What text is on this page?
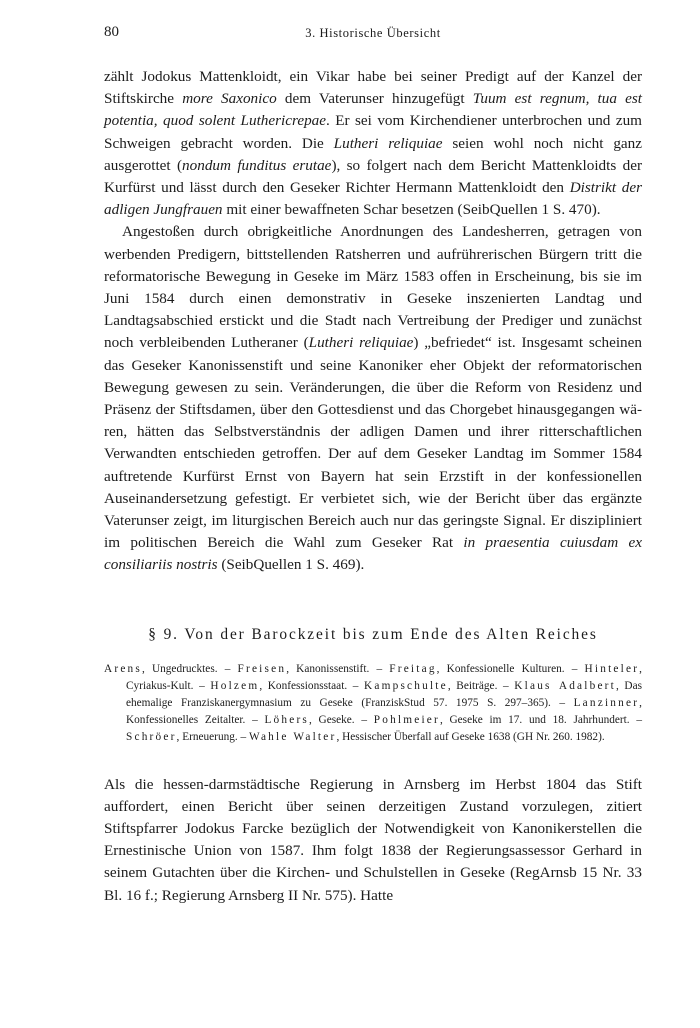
80	3. Historische Übersicht

zählt Jodokus Mattenkloidt, ein Vikar habe bei seiner Predigt auf der Kanzel der Stiftskirche more Saxonico dem Vaterunser hinzugefügt Tuum est regnum, tua est potentia, quod solent Luthericrepae. Er sei vom Kirchendiener unterbrochen und zum Schweigen gebracht worden. Die Lutheri reliquiae seien wohl noch nicht ganz ausgerottet (nondum funditus erutae), so folgert nach dem Bericht Mattenkloidts der Kurfürst und lässt durch den Geseker Richter Hermann Mattenkloidt den Distrikt der adligen Jungfrauen mit einer bewaffneten Schar besetzen (SeibQuellen 1 S. 470).

Angestoßen durch obrigkeitliche Anordnungen des Landesherren, getragen von werbenden Predigern, bittstellenden Ratsherren und aufrührerischen Bürgern tritt die reformatorische Bewegung in Geseke im März 1583 offen in Erscheinung, bis sie im Juni 1584 durch einen demonstrativ in Geseke inszenierten Landtag und Landtagsabschied erstickt und die Stadt nach Vertreibung der Prediger und zunächst noch verbleibenden Lutheraner (Lutheri reliquiae) „befriedet“ ist. Insgesamt scheinen das Geseker Kanonissenstift und seine Kanoniker eher Objekt der reformatorischen Bewegung gewesen zu sein. Veränderungen, die über die Reform von Residenz und Präsenz der Stiftsdamen, über den Gottesdienst und das Chorgebet hinausgegangen wären, hätten das Selbstverständnis der adligen Damen und ihrer ritterschaftlichen Verwandten entschieden getroffen. Der auf dem Geseker Landtag im Sommer 1584 auftretende Kurfürst Ernst von Bayern hat sein Erzstift in der konfessionellen Auseinandersetzung gefestigt. Er verbietet sich, wie der Bericht über das ergänzte Vaterunser zeigt, im liturgischen Bereich auch nur das geringste Signal. Er diszipliniert im politischen Bereich die Wahl zum Geseker Rat in praesentia cuiusdam ex consiliariis nostris (SeibQuellen 1 S. 469).

§ 9. Von der Barockzeit bis zum Ende des Alten Reiches

Arens, Ungedrucktes. – Freisen, Kanonissenstift. – Freitag, Konfessionelle Kulturen. – Hinteler, Cyriakus-Kult. – Holzem, Konfessionsstaat. – Kampschulte, Beiträge. – Klaus Adalbert, Das ehemalige Franziskanergymnasium zu Geseke (FranziskStud 57. 1975 S. 297–365). – Lanzinner, Konfessionelles Zeitalter. – Löhers, Geseke. – Pohlmeier, Geseke im 17. und 18. Jahrhundert. – Schröer, Erneuerung. – Wahle Walter, Hessischer Überfall auf Geseke 1638 (GH Nr. 260. 1982).

Als die hessen-darmstädtische Regierung in Arnsberg im Herbst 1804 das Stift auffordert, einen Bericht über seinen derzeitigen Zustand vorzulegen, zitiert Stiftspfarrer Jodokus Farcke bezüglich der Notwendigkeit von Kanonikerstellen die Ernestinische Union von 1587. Ihm folgt 1838 der Regierungsassessor Gerhard in seinem Gutachten über die Kirchen- und Schulstellen in Geseke (RegArnsb 15 Nr. 33 Bl. 16 f.; Regierung Arnsberg II Nr. 575). Hatte
